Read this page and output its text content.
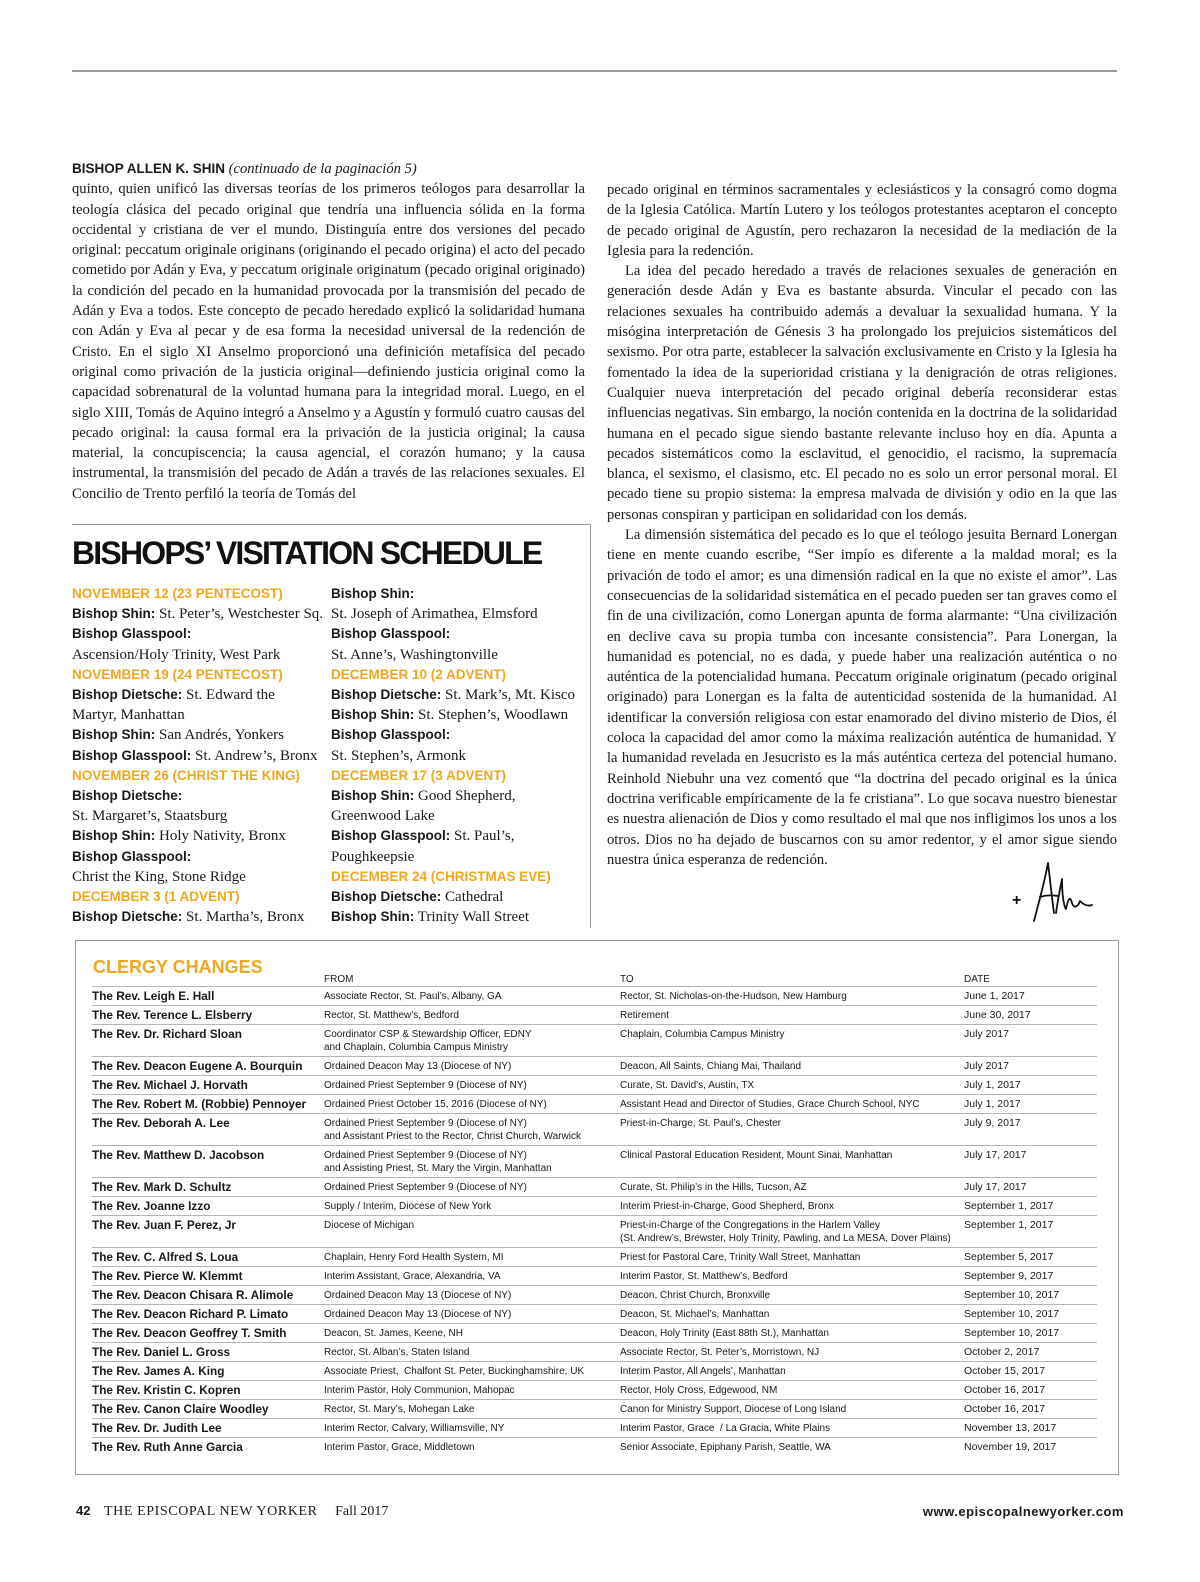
BISHOP ALLEN K. SHIN (continuado de la paginación 5)

quinto, quien unificó las diversas teorías de los primeros teólogos para desarrollar la teología clásica del pecado original que tendría una influencia sólida en la forma occidental y cristiana de ver el mundo. Distinguía entre dos versiones del pecado original: peccatum originale originans (originando el pecado origina) el acto del pecado cometido por Adán y Eva, y peccatum originale originatum (pecado original originado) la condición del pecado en la humanidad provocada por la transmisión del pecado de Adán y Eva a todos. Este concepto de pecado heredado explicó la solidaridad humana con Adán y Eva al pecar y de esa forma la necesidad universal de la redención de Cristo. En el siglo XI Anselmo proporcionó una definición metafísica del pecado original como privación de la justicia original—definiendo justicia original como la capacidad sobrenatural de la voluntad humana para la integridad moral. Luego, en el siglo XIII, Tomás de Aquino integró a Anselmo y a Agustín y formuló cuatro causas del pecado original: la causa formal era la privación de la justicia original; la causa material, la concupiscencia; la causa agencial, el corazón humano; y la causa instrumental, la transmisión del pecado de Adán a través de las relaciones sexuales. El Concilio de Trento perfiló la teoría de Tomás del

pecado original en términos sacramentales y eclesiásticos y la consagró como dogma de la Iglesia Católica. Martín Lutero y los teólogos protestantes aceptaron el concepto de pecado original de Agustín, pero rechazaron la necesidad de la mediación de la Iglesia para la redención.

La idea del pecado heredado a través de relaciones sexuales de generación en generación desde Adán y Eva es bastante absurda. Vincular el pecado con las relaciones sexuales ha contribuido además a devaluar la sexualidad humana. Y la misógina interpretación de Génesis 3 ha prolongado los prejuicios sistemáticos del sexismo. Por otra parte, establecer la salvación exclusivamente en Cristo y la Iglesia ha fomentado la idea de la superioridad cristiana y la denigración de otras religiones. Cualquier nueva interpretación del pecado original debería reconsiderar estas influencias negativas. Sin embargo, la noción contenida en la doctrina de la solidaridad humana en el pecado sigue siendo bastante relevante incluso hoy en día. Apunta a pecados sistemáticos como la esclavitud, el genocidio, el racismo, la supremacía blanca, el sexismo, el clasismo, etc. El pecado no es solo un error personal moral. El pecado tiene su propio sistema: la empresa malvada de división y odio en la que las personas conspiran y participan en solidaridad con los demás.

La dimensión sistemática del pecado es lo que el teólogo jesuita Bernard Lonergan tiene en mente cuando escribe, “Ser impío es diferente a la maldad moral; es la privación de todo el amor; es una dimensión radical en la que no existe el amor”. Las consecuencias de la solidaridad sistemática en el pecado pueden ser tan graves como el fin de una civilización, como Lonergan apunta de forma alarmante: “Una civilización en declive cava su propia tumba con incesante consistencia”. Para Lonergan, la humanidad es potencial, no es dada, y puede haber una realización auténtica o no auténtica de la potencialidad humana. Peccatum originale originatum (pecado original originado) para Lonergan es la falta de autenticidad sostenida de la humanidad. Al identificar la conversión religiosa con estar enamorado del divino misterio de Dios, él coloca la capacidad del amor como la máxima realización auténtica de humanidad. Y la humanidad revelada en Jesucristo es la más auténtica certeza del potencial humano. Reinhold Niebuhr una vez comentó que “la doctrina del pecado original es la única doctrina verificable empíricamente de la fe cristiana”. Lo que socava nuestro bienestar es nuestra alienación de Dios y como resultado el mal que nos infligimos los unos a los otros. Dios no ha dejado de buscarnos con su amor redentor, y el amor sigue siendo nuestra única esperanza de redención.

+
BISHOPS’ VISITATION SCHEDULE
NOVEMBER 12 (23 PENTECOST)
Bishop Shin: St. Peter’s, Westchester Sq.
Bishop Glasspool:
Ascension/Holy Trinity, West Park
NOVEMBER 19 (24 PENTECOST)
Bishop Dietsche: St. Edward the
Martyr, Manhattan
Bishop Shin: San Andrés, Yonkers
Bishop Glasspool: St. Andrew’s, Bronx
NOVEMBER 26 (CHRIST THE KING)
Bishop Dietsche:
St. Margaret’s, Staatsburg
Bishop Shin: Holy Nativity, Bronx
Bishop Glasspool:
Christ the King, Stone Ridge
DECEMBER 3 (1 ADVENT)
Bishop Dietsche: St. Martha’s, Bronx
Bishop Shin:
St. Joseph of Arimathea, Elmsford
Bishop Glasspool:
St. Anne’s, Washingtonville
DECEMBER 10 (2 ADVENT)
Bishop Dietsche: St. Mark’s, Mt. Kisco
Bishop Shin: St. Stephen’s, Woodlawn
Bishop Glasspool:
St. Stephen’s, Armonk
DECEMBER 17 (3 ADVENT)
Bishop Shin: Good Shepherd,
Greenwood Lake
Bishop Glasspool: St. Paul’s,
Poughkeepsie
DECEMBER 24 (CHRISTMAS EVE)
Bishop Dietsche: Cathedral
Bishop Shin: Trinity Wall Street
CLERGY CHANGES
FROM	TO	DATE
The Rev. Leigh E. Hall	Associate Rector, St. Paul’s, Albany, GA	Rector, St. Nicholas-on-the-Hudson, New Hamburg	June 1, 2017
The Rev. Terence L. Elsberry	Rector, St. Matthew’s, Bedford	Retirement	June 30, 2017
The Rev. Dr. Richard Sloan	Coordinator CSP & Stewardship Officer, EDNY
and Chaplain, Columbia Campus Ministry
Chaplain, Columbia Campus Ministry	July 2017
The Rev. Deacon Eugene A. Bourquin Ordained Deacon May 13 (Diocese of NY)	Deacon, All Saints, Chiang Mai, Thailand	July 2017
The Rev. Michael J. Horvath	Ordained Priest September 9 (Diocese of NY)	Curate, St. David’s, Austin, TX	July 1, 2017
The Rev. Robert M. (Robbie) Pennoyer Ordained Priest October 15, 2016 (Diocese of NY)	Assistant Head and Director of Studies, Grace Church School, NYC	July 1, 2017
The Rev. Deborah A. Lee	Ordained Priest September 9 (Diocese of NY)
and Assistant Priest to the Rector, Christ Church, Warwick
Priest-in-Charge, St. Paul’s, Chester	July 9, 2017
The Rev. Matthew D. Jacobson	Ordained Priest September 9 (Diocese of NY)
and Assisting Priest, St. Mary the Virgin, Manhattan
Clinical Pastoral Education Resident, Mount Sinai, Manhattan	July 17, 2017
The Rev. Mark D. Schultz	Ordained Priest September 9 (Diocese of NY)	Curate, St. Philip’s in the Hills, Tucson, AZ	July 17, 2017
The Rev. Joanne Izzo	Supply / Interim, Diocese of New York	Interim Priest-in-Charge, Good Shepherd, Bronx	September 1, 2017
The Rev. Juan F. Perez, Jr	Diocese of Michigan	Priest-in-Charge of the Congregations in the Harlem Valley
(St. Andrew’s, Brewster, Holy Trinity, Pawling, and La MESA, Dover Plains)
September 1, 2017
The Rev. C. Alfred S. Loua	Chaplain, Henry Ford Health System, MI	Priest for Pastoral Care, Trinity Wall Street, Manhattan	September 5, 2017
The Rev. Pierce W. Klemmt	Interim Assistant, Grace, Alexandria, VA	Interim Pastor, St. Matthew’s, Bedford	September 9, 2017
The Rev. Deacon Chisara R. Alimole	Ordained Deacon May 13 (Diocese of NY)	Deacon, Christ Church, Bronxville	September 10, 2017
The Rev. Deacon Richard P. Limato	Ordained Deacon May 13 (Diocese of NY)	Deacon, St. Michael’s, Manhattan	September 10, 2017
The Rev. Deacon Geoffrey T. Smith	Deacon, St. James, Keene, NH	Deacon, Holy Trinity (East 88th St.), Manhattan	September 10, 2017
The Rev. Daniel L. Gross	Rector, St. Alban’s, Staten Island	Associate Rector, St. Peter’s, Morristown, NJ	October 2, 2017
The Rev. James A. King	Associate Priest,  Chalfont St. Peter, Buckinghamshire, UK	Interim Pastor, All Angels’, Manhattan	October 15, 2017
The Rev. Kristin C. Kopren	Interim Pastor, Holy Communion, Mahopac	Rector, Holy Cross, Edgewood, NM	October 16, 2017
The Rev. Canon Claire Woodley	Rector, St. Mary’s, Mohegan Lake	Canon for Ministry Support, Diocese of Long Island	October 16, 2017
The Rev. Dr. Judith Lee	Interim Rector, Calvary, Williamsville, NY	Interim Pastor, Grace  / La Gracia, White Plains	November 13, 2017
The Rev. Ruth Anne Garcia	Interim Pastor, Grace, Middletown	Senior Associate, Epiphany Parish, Seattle, WA	November 19, 2017
42 THE EPISCOPAL NEW YORKER Fall 2017	www.episcopalnewyorker.com
